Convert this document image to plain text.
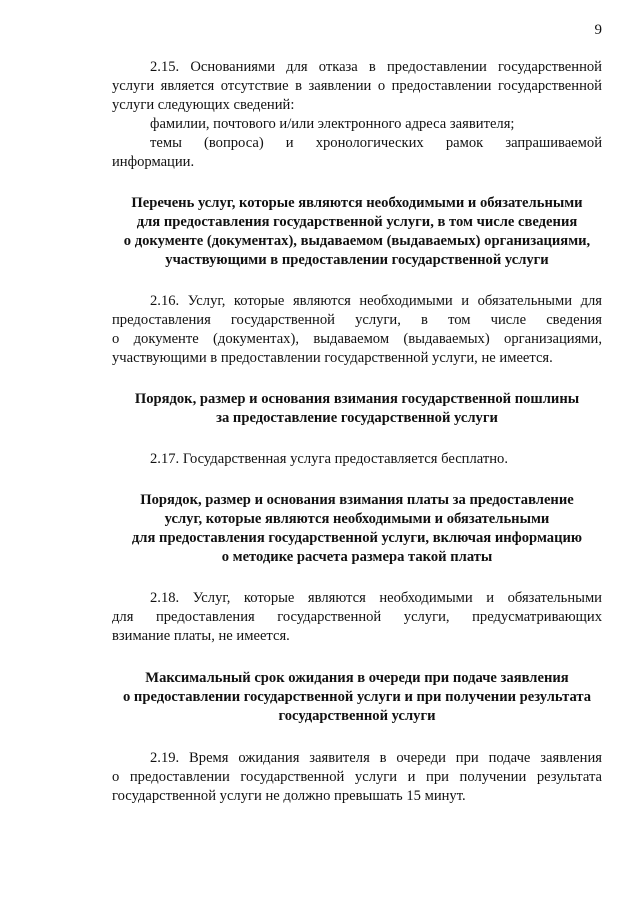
9
2.15. Основаниями для отказа в предоставлении государственной
услуги является отсутствие в заявлении о предоставлении государственной
услуги следующих сведений:
фамилии, почтового и/или электронного адреса заявителя;
темы (вопроса) и хронологических рамок запрашиваемой
информации.
Перечень услуг, которые являются необходимыми и обязательными
для предоставления государственной услуги, в том числе сведения
о документе (документах), выдаваемом (выдаваемых) организациями,
участвующими в предоставлении государственной услуги
2.16. Услуг, которые являются необходимыми и обязательными для
предоставления государственной услуги, в том числе сведения
о документе (документах), выдаваемом (выдаваемых) организациями,
участвующими в предоставлении государственной услуги, не имеется.
Порядок, размер и основания взимания государственной пошлины
за предоставление государственной услуги
2.17. Государственная услуга предоставляется бесплатно.
Порядок, размер и основания взимания платы за предоставление
услуг, которые являются необходимыми и обязательными
для предоставления государственной услуги, включая информацию
о методике расчета размера такой платы
2.18. Услуг, которые являются необходимыми и обязательными
для предоставления государственной услуги, предусматривающих
взимание платы, не имеется.
Максимальный срок ожидания в очереди при подаче заявления
о предоставлении государственной услуги и при получении результата
государственной услуги
2.19. Время ожидания заявителя в очереди при подаче заявления
о предоставлении государственной услуги и при получении результата
государственной услуги не должно превышать 15 минут.
